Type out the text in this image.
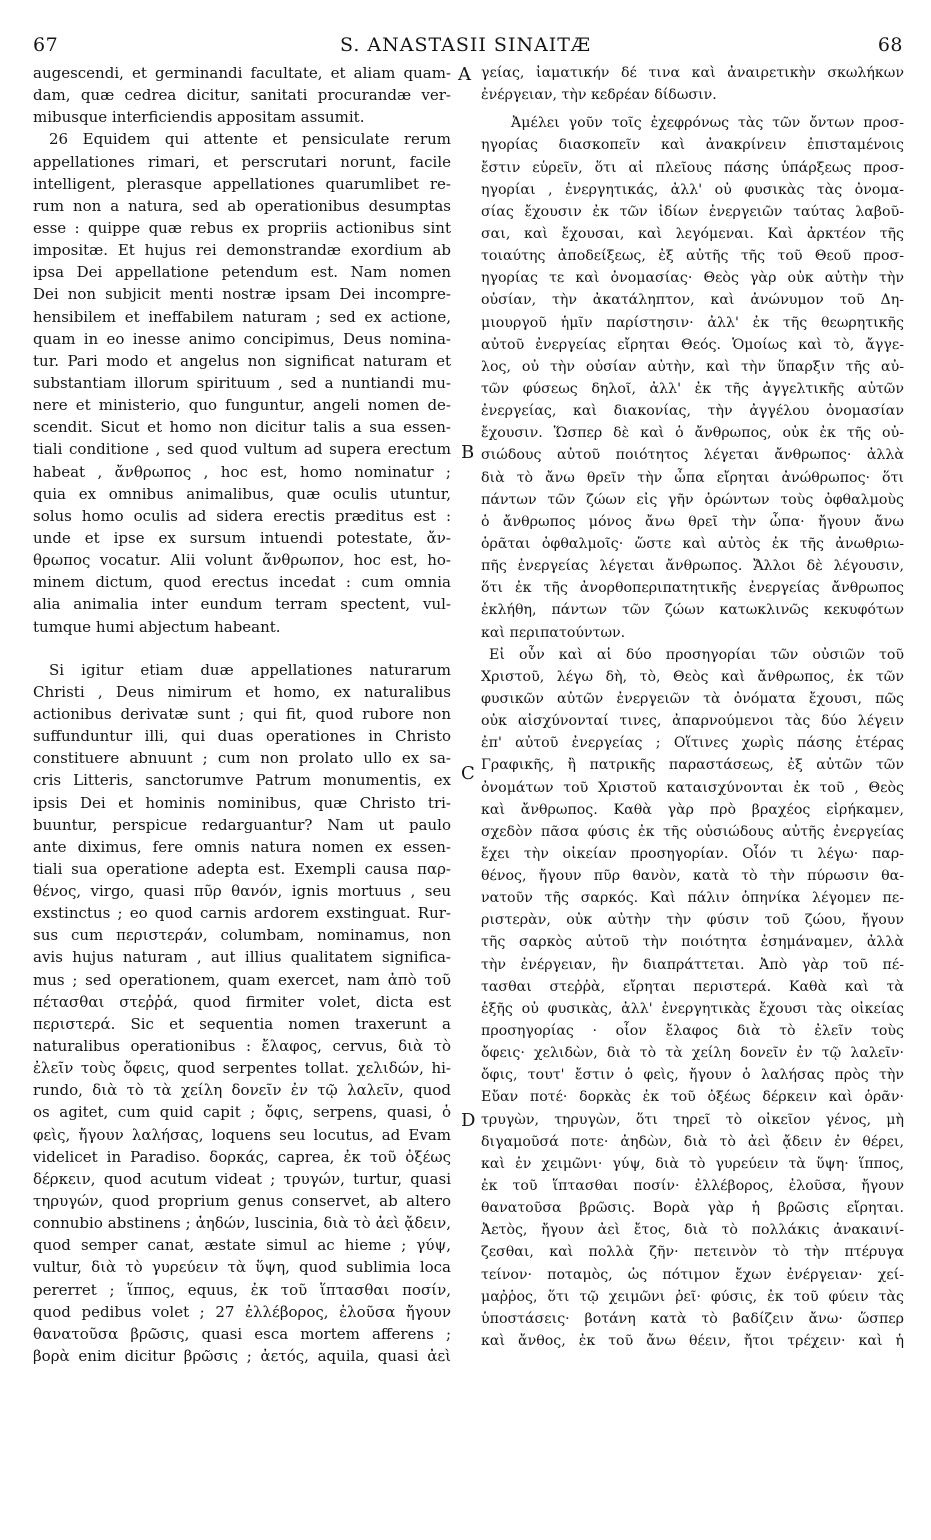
67	S. ANASTASII SINAITÆ	68
A
B
C
D
augescendi, et germinandi facultate, et aliam quam-
dam, quæ cedrea dicitur, sanitati procurandæ ver-
mibusque interficiendis appositam assumit.
26 Equidem qui attente et pensiculate rerum
appellationes rimari, et perscrutari norunt, facile
intelligent, plerasque appellationes quarumlibet re-
rum non a natura, sed ab operationibus desumptas
esse : quippe quæ rebus ex propriis actionibus sint
impositæ. Et hujus rei demonstrandæ exordium ab
ipsa Dei appellatione petendum est. Nam nomen
Dei non subjicit menti nostræ ipsam Dei incompre-
hensibilem et ineffabilem naturam ; sed ex actione,
quam in eo inesse animo concipimus, Deus nomina-
tur. Pari modo et angelus non significat naturam et
substantiam illorum spirituum , sed a nuntiandi mu-
nere et ministerio, quo funguntur, angeli nomen de-
scendit. Sicut et homo non dicitur talis a sua essen-
tiali conditione , sed quod vultum ad supera erectum
habeat , ἄνθρωπος , hoc est, homo nominatur ;
quia ex omnibus animalibus, quæ oculis utuntur,
solus homo oculis ad sidera erectis præditus est :
unde et ipse ex sursum intuendi potestate, ἄν-
θρωπος vocatur. Alii volunt ἄνθρωπον, hoc est, ho-
minem dictum, quod erectus incedat : cum omnia
alia animalia inter eundum terram spectent, vul-
tumque humi abjectum habeant.
Si igitur etiam duæ appellationes naturarum
Christi , Deus nimirum et homo, ex naturalibus
actionibus derivatæ sunt ; qui fit, quod rubore non
suffunduntur illi, qui duas operationes in Christo
constituere abnuunt ; cum non prolato ullo ex sa-
cris Litteris, sanctorumve Patrum monumentis, ex
ipsis Dei et hominis nominibus, quæ Christo tri-
buuntur, perspicue redarguantur? Nam ut paulo
ante diximus, fere omnis natura nomen ex essen-
tiali sua operatione adepta est. Exempli causa παρ-
θένος, virgo, quasi πῦρ θανόν, ignis mortuus , seu
exstinctus ; eo quod carnis ardorem exstinguat. Rur-
sus cum περιστεράν, columbam, nominamus, non
avis hujus naturam , aut illius qualitatem significa-
mus ; sed operationem, quam exercet, nam ἀπὸ τοῦ
πέτασθαι στεῤῥά, quod firmiter volet, dicta est
περιστερά. Sic et sequentia nomen traxerunt a
naturalibus operationibus : ἔλαφος, cervus, διὰ τὸ
ἐλεῖν τοὺς ὄφεις, quod serpentes tollat. χελιδών, hi-
rundo, διὰ τὸ τὰ χείλη δονεῖν ἐν τῷ λαλεῖν, quod
os agitet, cum quid capit ; ὄφις, serpens, quasi, ὁ
φεὶς, ἤγουν λαλήσας, loquens seu locutus, ad Evam
videlicet in Paradiso. δορκάς, caprea, ἐκ τοῦ ὀξέως
δέρκειν, quod acutum videat ; τρυγών, turtur, quasi
τηρυγών, quod proprium genus conservet, ab altero
connubio abstinens ; ἀηδών, luscinia, διὰ τὸ ἀεὶ ᾄδειν,
quod semper canat, æstate simul ac hieme ; γύψ,
vultur, διὰ τὸ γυρεύειν τὰ ὕψη, quod sublimia loca
pererret ; ἵππος, equus, ἐκ τοῦ ἵπτασθαι ποσίν,
quod pedibus volet ; 27 ἐλλέβορος, ἐλοῦσα ἤγουν
θανατοῦσα βρῶσις, quasi esca mortem afferens ;
βορὰ enim dicitur βρῶσις ; ἀετός, aquila, quasi ἀεὶ
γείας, ἰαματικήν δέ τινα καὶ ἀναιρετικὴν σκωλήκων
ἐνέργειαν, τὴν κεδρέαν δίδωσιν.
Ἀμέλει γοῦν τοῖς ἐχεφρόνως τὰς τῶν ὄντων προσ-
ηγορίας διασκοπεῖν καὶ ἀνακρίνειν ἐπισταμένοις
ἔστιν εὑρεῖν, ὅτι αἱ πλεῖους πάσης ὑπάρξεως προσ-
ηγορίαι , ἐνεργητικάς, ἀλλ' οὐ φυσικὰς τὰς ὀνομα-
σίας ἔχουσιν ἐκ τῶν ἰδίων ἐνεργειῶν ταύτας λαβοῦ-
σαι, καὶ ἔχουσαι, καὶ λεγόμεναι. Καὶ ἀρκτέον τῆς
τοιαύτης ἀποδείξεως, ἐξ αὐτῆς τῆς τοῦ Θεοῦ προσ-
ηγορίας τε καὶ ὀνομασίας· Θεὸς γὰρ οὐκ αὐτὴν τὴν
οὐσίαν, τὴν ἀκατάληπτον, καὶ ἀνώνυμον τοῦ Δη-
μιουργοῦ ἡμῖν παρίστησιν· ἀλλ' ἐκ τῆς θεωρητικῆς
αὐτοῦ ἐνεργείας εἴρηται Θεός. Ὁμοίως καὶ τὸ, ἄγγε-
λος, οὐ τὴν οὐσίαν αὐτὴν, καὶ τὴν ὕπαρξιν τῆς αὐ-
τῶν φύσεως δηλοῖ, ἀλλ' ἐκ τῆς ἀγγελτικῆς αὐτῶν
ἐνεργείας, καὶ διακονίας, τὴν ἀγγέλου ὀνομασίαν
ἔχουσιν. Ὥσπερ δὲ καὶ ὁ ἄνθρωπος, οὐκ ἐκ τῆς οὐ-
σιώδους αὐτοῦ ποιότητος λέγεται ἄνθρωπος· ἀλλὰ
διὰ τὸ ἄνω θρεῖν τὴν ὦπα εἴρηται ἀνώθρωπος· ὅτι
πάντων τῶν ζώων εἰς γῆν ὁρώντων τοὺς ὀφθαλμοὺς
ὁ ἄνθρωπος μόνος ἄνω θρεῖ τὴν ὦπα· ἤγουν ἄνω
ὁρᾶται ὀφθαλμοῖς· ὥστε καὶ αὐτὸς ἐκ τῆς ἀνωθριω-
πῆς ἐνεργείας λέγεται ἄνθρωπος. Ἄλλοι δὲ λέγουσιν,
ὅτι ἐκ τῆς ἀνορθοπεριπατητικῆς ἐνεργείας ἄνθρωπος
ἐκλήθη, πάντων τῶν ζώων κατωκλινῶς κεκυφότων
καὶ περιπατούντων.
Εἰ οὖν καὶ αἱ δύο προσηγορίαι τῶν οὐσιῶν τοῦ
Χριστοῦ, λέγω δὴ, τὸ, Θεὸς καὶ ἄνθρωπος, ἐκ τῶν
φυσικῶν αὐτῶν ἐνεργειῶν τὰ ὀνόματα ἔχουσι, πῶς
οὐκ αἰσχύνονταί τινες, ἀπαρνούμενοι τὰς δύο λέγειν
ἐπ' αὐτοῦ ἐνεργείας ; Οἵτινες χωρὶς πάσης ἑτέρας
Γραφικῆς, ἢ πατρικῆς παραστάσεως, ἐξ αὐτῶν τῶν
ὀνομάτων τοῦ Χριστοῦ καταισχύνονται ἐκ τοῦ , Θεὸς
καὶ ἄνθρωπος. Καθὰ γὰρ πρὸ βραχέος εἰρήκαμεν,
σχεδὸν πᾶσα φύσις ἐκ τῆς οὐσιώδους αὐτῆς ἐνεργείας
ἔχει τὴν οἰκείαν προσηγορίαν. Οἷόν τι λέγω· παρ-
θένος, ἤγουν πῦρ θανὸν, κατὰ τὸ τὴν πύρωσιν θα-
νατοῦν τῆς σαρκός. Καὶ πάλιν ὁπηνίκα λέγομεν πε-
ριστερὰν, οὐκ αὐτὴν τὴν φύσιν τοῦ ζώου, ἤγουν
τῆς σαρκὸς αὐτοῦ τὴν ποιότητα ἐσημάναμεν, ἀλλὰ
τὴν ἐνέργειαν, ἣν διαπράττεται. Ἀπὸ γὰρ τοῦ πέ-
τασθαι στεῤῥὰ, εἴρηται περιστερά. Καθὰ καὶ τὰ
ἑξῆς οὐ φυσικὰς, ἀλλ' ἐνεργητικὰς ἔχουσι τὰς οἰκείας
προσηγορίας · οἷον ἔλαφος διὰ τὸ ἐλεῖν τοὺς
ὄφεις· χελιδὼν, διὰ τὸ τὰ χείλη δονεῖν ἐν τῷ λαλεῖν·
ὄφις, τουτ' ἔστιν ὁ φεὶς, ἤγουν ὁ λαλήσας πρὸς τὴν
Εὔαν ποτέ· δορκὰς ἐκ τοῦ ὀξέως δέρκειν καὶ ὁρᾶν·
τρυγὼν, τηρυγὼν, ὅτι τηρεῖ τὸ οἰκεῖον γένος, μὴ
διγαμοῦσά ποτε· ἀηδὼν, διὰ τὸ ἀεὶ ᾄδειν ἐν θέρει,
καὶ ἐν χειμῶνι· γύψ, διὰ τὸ γυρεύειν τὰ ὕψη· ἵππος,
ἐκ τοῦ ἵπτασθαι ποσίν· ἐλλέβορος, ἐλοῦσα, ἤγουν
θανατοῦσα βρῶσις. Βορὰ γὰρ ἡ βρῶσις εἴρηται.
Ἀετὸς, ἤγουν ἀεὶ ἔτος, διὰ τὸ πολλάκις ἀνακαινί-
ζεσθαι, καὶ πολλὰ ζῆν· πετεινὸν τὸ τὴν πτέρυγα
τείνον· ποταμὸς, ὡς πότιμον ἔχων ἐνέργειαν· χεί-
μαῤῥος, ὅτι τῷ χειμῶνι ῥεῖ· φύσις, ἐκ τοῦ φύειν τὰς
ὑποστάσεις· βοτάνη κατὰ τὸ βαδίζειν ἄνω· ὥσπερ
καὶ ἄνθος, ἐκ τοῦ ἄνω θέειν, ἤτοι τρέχειν· καὶ ἡ
